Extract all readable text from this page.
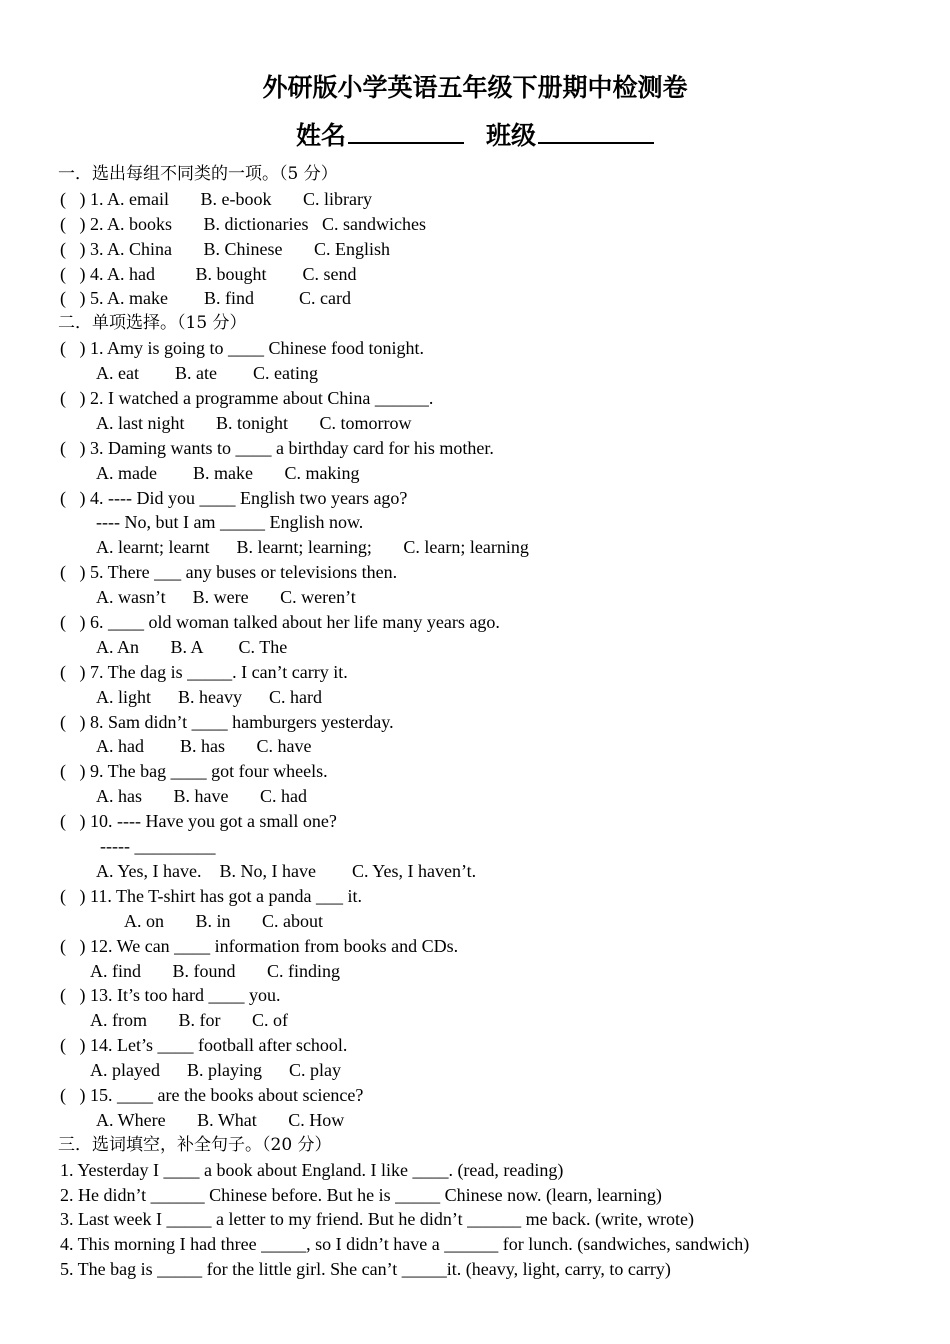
外研版小学英语五年级下册期中检测卷
姓名	班级
一．选出每组不同类的一项。（5 分）
(   ) 1. A. email       B. e-book       C. library
(   ) 2. A. books       B. dictionaries   C. sandwiches
(   ) 3. A. China       B. Chinese       C. English
(   ) 4. A. had         B. bought        C. send
(   ) 5. A. make        B. find          C. card
二．单项选择。（15 分）
(   ) 1. Amy is going to ____ Chinese food tonight.
A. eat        B. ate        C. eating
(   ) 2. I watched a programme about China ______.
A. last night       B. tonight       C. tomorrow
(   ) 3. Daming wants to ____ a birthday card for his mother.
A. made        B. make       C. making
(   ) 4. ---- Did you ____ English two years ago?
---- No, but I am _____ English now.
A. learnt; learnt      B. learnt; learning;       C. learn; learning
(   ) 5. There ___ any buses or televisions then.
A. wasn’t      B. were       C. weren’t
(   ) 6. ____ old woman talked about her life many years ago.
A. An       B. A        C. The
(   ) 7. The dag is _____. I can’t carry it.
A. light      B. heavy      C. hard
(   ) 8. Sam didn’t ____ hamburgers yesterday.
A. had        B. has       C. have
(   ) 9. The bag ____ got four wheels.
A. has       B. have       C. had
(   ) 10. ---- Have you got a small one?
----- _________
A. Yes, I have.    B. No, I have        C. Yes, I haven’t.
(   ) 11. The T-shirt has got a panda ___ it.
A. on       B. in       C. about
(   ) 12. We can ____ information from books and CDs.
A. find       B. found       C. finding
(   ) 13. It’s too hard ____ you.
A. from       B. for       C. of
(   ) 14. Let’s ____ football after school.
A. played      B. playing      C. play
(   ) 15. ____ are the books about science?
A. Where       B. What       C. How
三．选词填空，补全句子。（20 分）
1. Yesterday I ____ a book about England. I like ____. (read, reading)
2. He didn’t ______ Chinese before. But he is _____ Chinese now. (learn, learning)
3. Last week I _____ a letter to my friend. But he didn’t ______ me back. (write, wrote)
4. This morning I had three _____, so I didn’t have a ______ for lunch. (sandwiches, sandwich)
5. The bag is _____ for the little girl. She can’t _____it. (heavy, light, carry, to carry)
